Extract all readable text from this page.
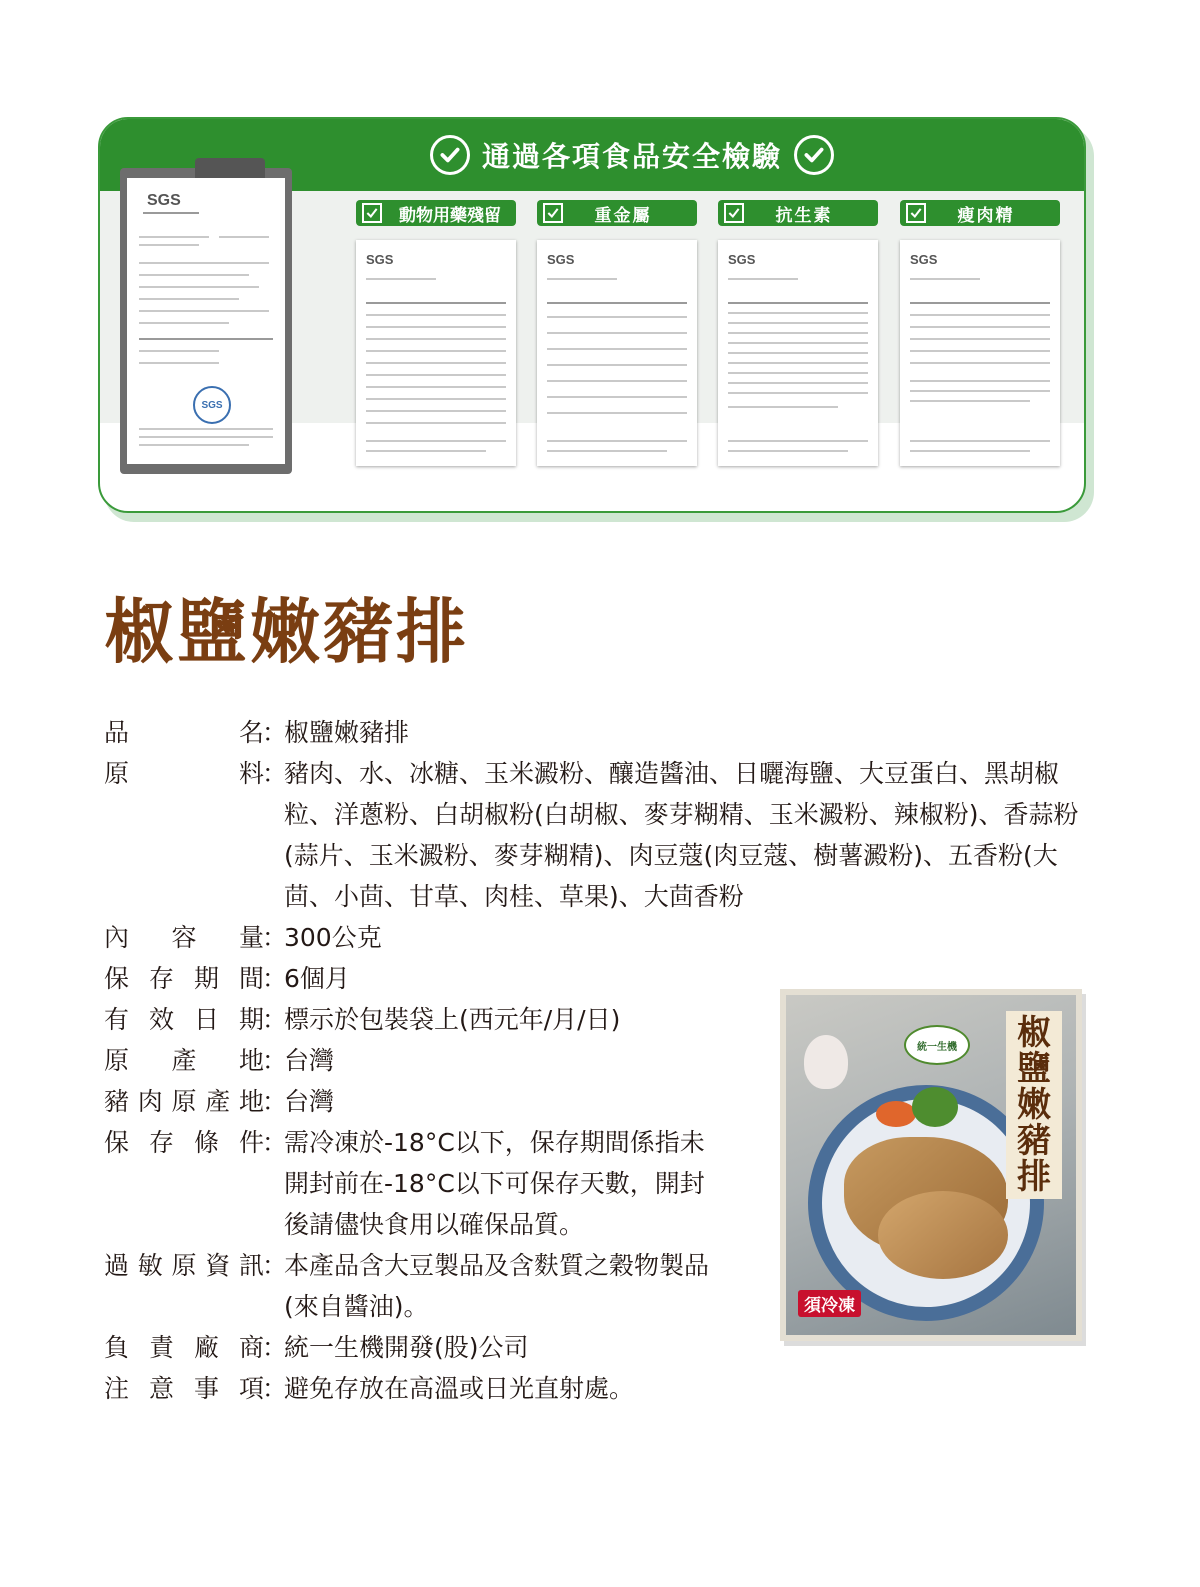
通過各項食品安全檢驗
SGS
SGS
動物用藥殘留	重金屬	抗生素	瘦肉精
SGS	SGS	SGS	SGS
椒鹽嫩豬排
品	名
：
椒鹽嫩豬排
原	料
：
豬肉、水、冰糖、玉米澱粉、釀造醬油、日曬海鹽、大豆蛋白、黑胡椒粒、洋蔥粉、白胡椒粉(白胡椒、麥芽糊精、玉米澱粉、辣椒粉)、香蒜粉(蒜片、玉米澱粉、麥芽糊精)、肉豆蔻(肉豆蔻、樹薯澱粉)、五香粉(大茴、小茴、甘草、肉桂、草果)、大茴香粉
內 容 量
：
300公克
保 存 期 間
：
6個月
有 效 日 期
：
標示於包裝袋上(西元年/月/日)
原 產 地
：
台灣
豬 肉 原 產 地
：
台灣
保 存 條 件
：
需冷凍於-18°C以下，保存期間係指未開封前在-18°C以下可保存天數，開封後請儘快食用以確保品質。
過 敏 原 資 訊
：
本產品含大豆製品及含麩質之穀物製品(來自醬油)。
負 責 廠 商
：
統一生機開發(股)公司
注 意 事 項
：
避免存放在高溫或日光直射處。
統一生機	椒鹽嫩豬排
須冷凍
